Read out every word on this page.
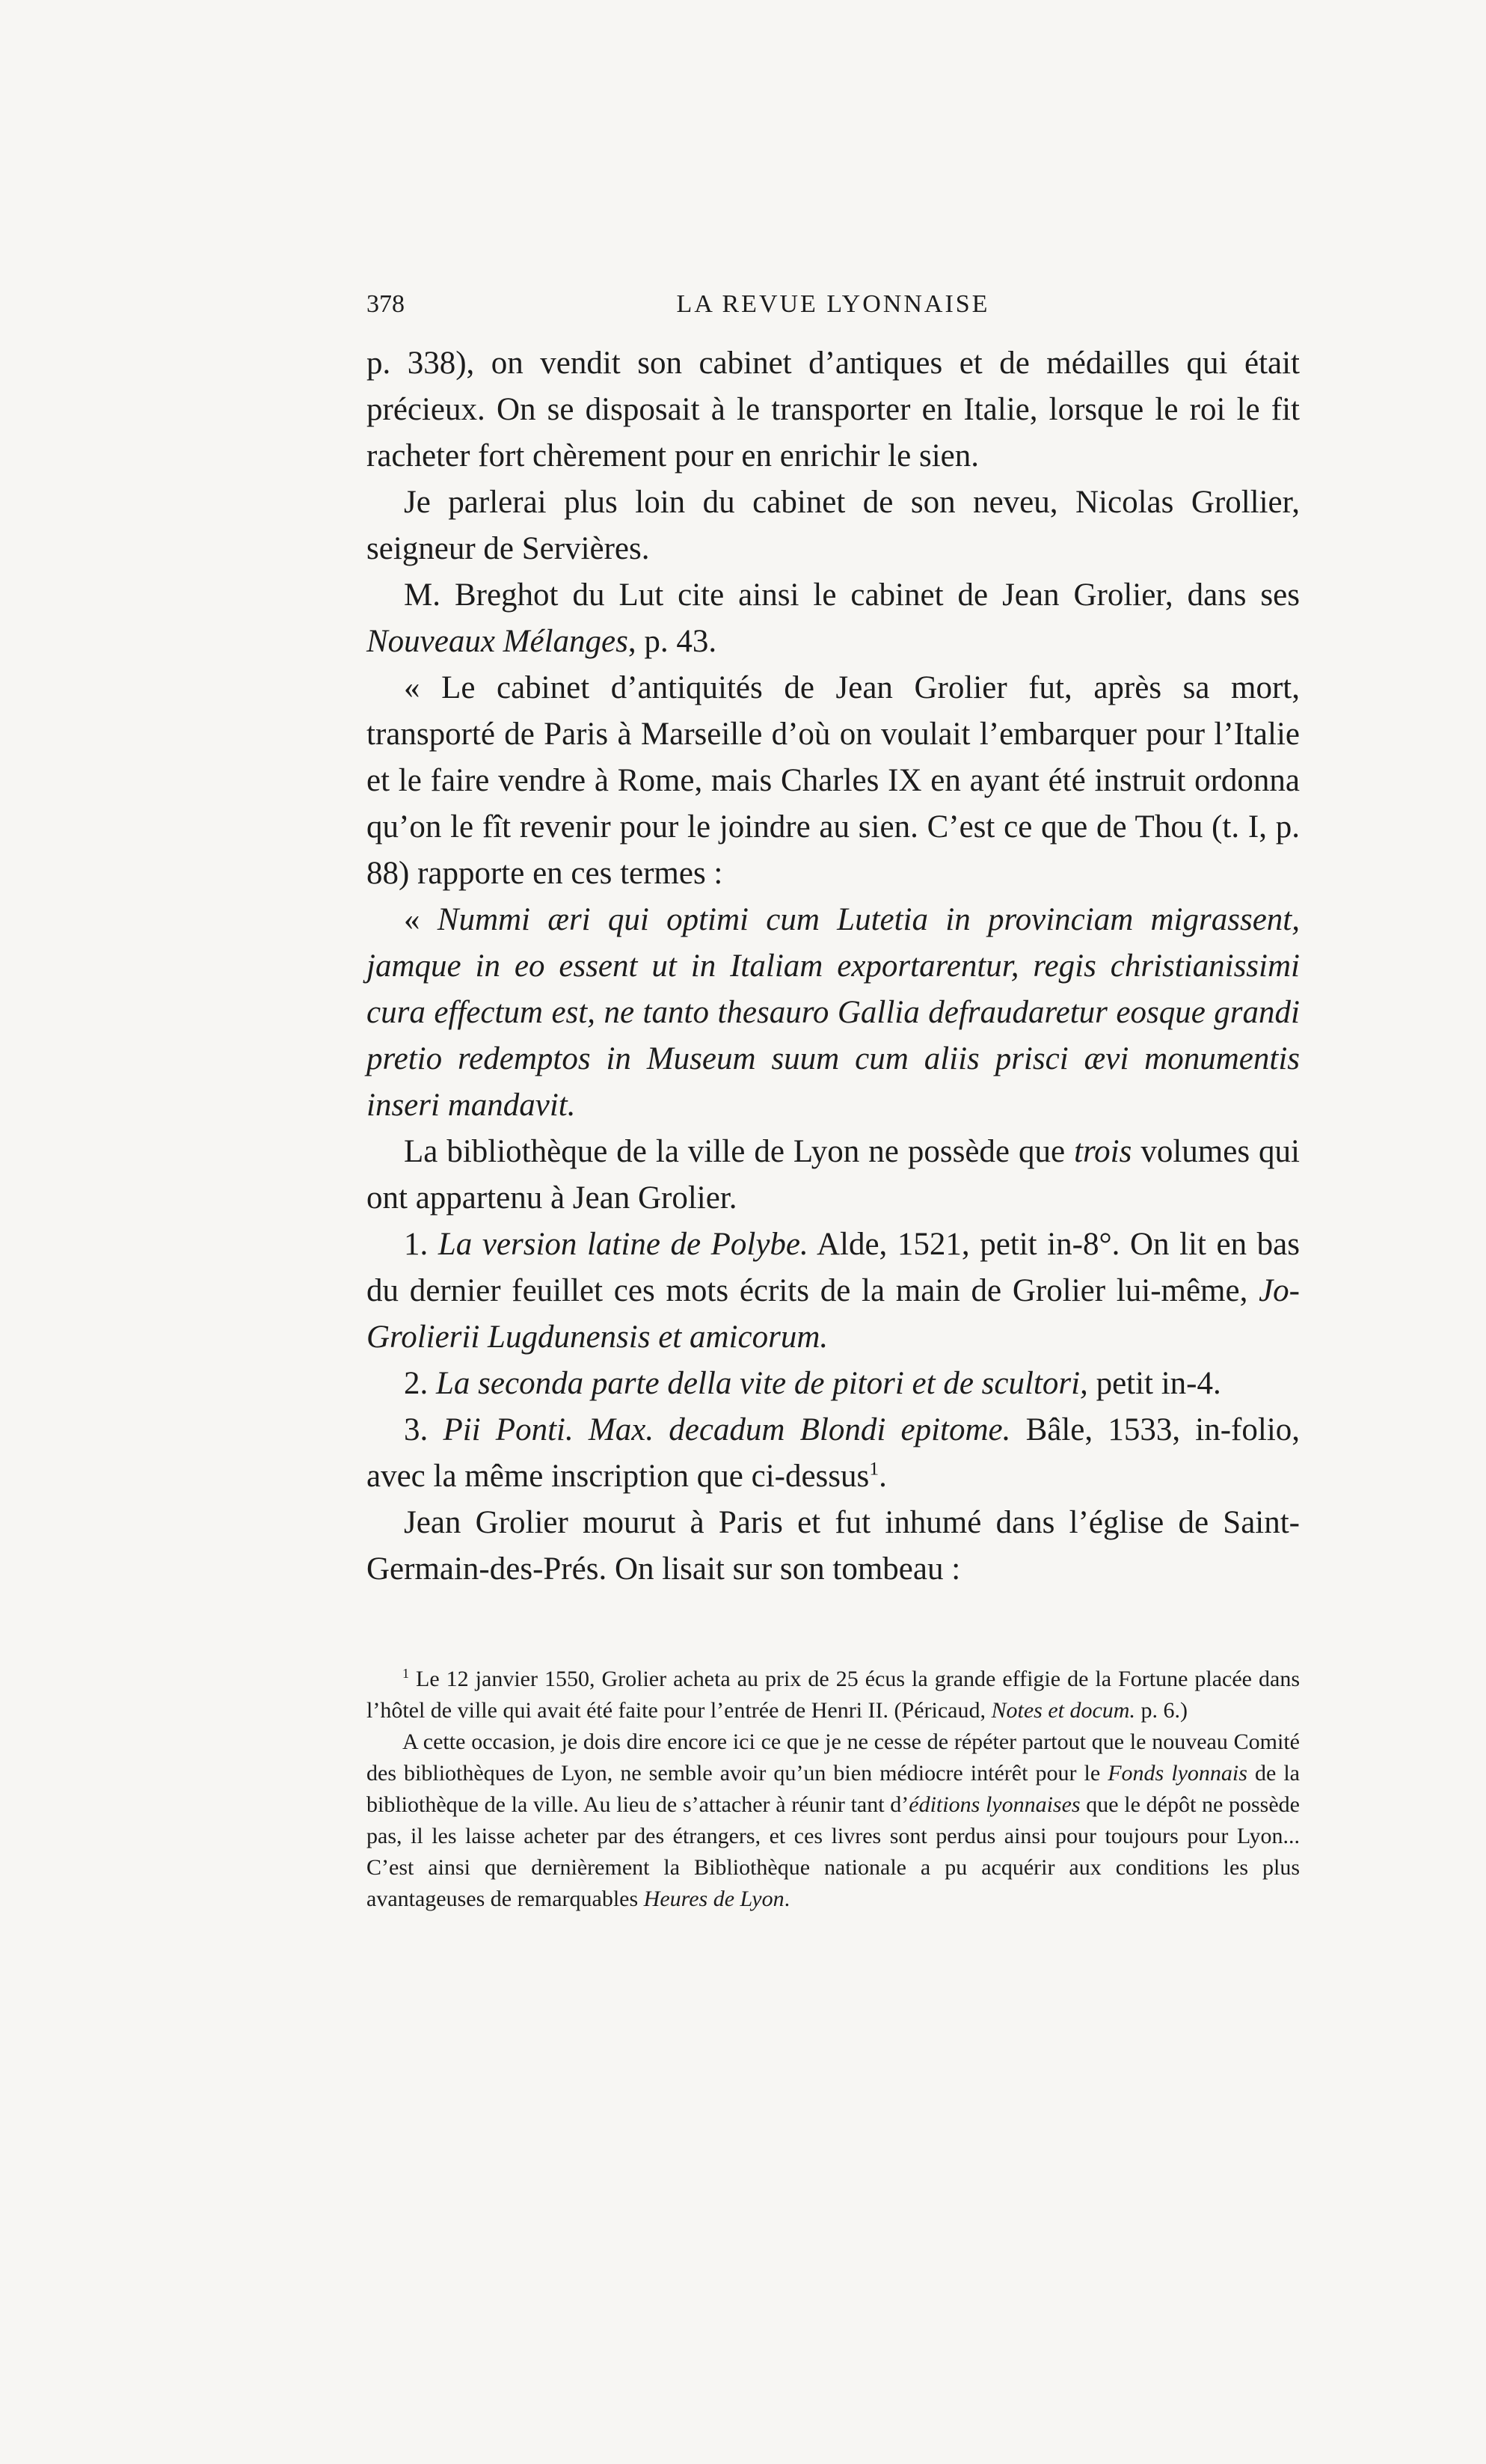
378	LA REVUE LYONNAISE

p. 338), on vendit son cabinet d’antiques et de médailles qui était précieux. On se disposait à le transporter en Italie, lorsque le roi le fit racheter fort chèrement pour en enrichir le sien.

Je parlerai plus loin du cabinet de son neveu, Nicolas Grollier, seigneur de Servières.

M. Breghot du Lut cite ainsi le cabinet de Jean Grolier, dans ses Nouveaux Mélanges, p. 43.

« Le cabinet d’antiquités de Jean Grolier fut, après sa mort, transporté de Paris à Marseille d’où on voulait l’embarquer pour l’Italie et le faire vendre à Rome, mais Charles IX en ayant été instruit ordonna qu’on le fît revenir pour le joindre au sien. C’est ce que de Thou (t. I, p. 88) rapporte en ces termes :

« Nummi æri qui optimi cum Lutetia in provinciam migrassent, jamque in eo essent ut in Italiam exportarentur, regis christianissimi cura effectum est, ne tanto thesauro Gallia defraudaretur eosque grandi pretio redemptos in Museum suum cum aliis prisci ævi monumentis inseri mandavit.

La bibliothèque de la ville de Lyon ne possède que trois volumes qui ont appartenu à Jean Grolier.

1. La version latine de Polybe. Alde, 1521, petit in-8°. On lit en bas du dernier feuillet ces mots écrits de la main de Grolier lui-même, Jo-Grolierii Lugdunensis et amicorum.

2. La seconda parte della vite de pitori et de scultori, petit in-4.

3. Pii Ponti. Max. decadum Blondi epitome. Bâle, 1533, in-folio, avec la même inscription que ci-dessus$^1$.

Jean Grolier mourut à Paris et fut inhumé dans l’église de Saint-Germain-des-Prés. On lisait sur son tombeau :

$^1$ Le 12 janvier 1550, Grolier acheta au prix de 25 écus la grande effigie de la Fortune placée dans l’hôtel de ville qui avait été faite pour l’entrée de Henri II. (Péricaud, Notes et docum. p. 6.)

A cette occasion, je dois dire encore ici ce que je ne cesse de répéter partout que le nouveau Comité des bibliothèques de Lyon, ne semble avoir qu’un bien médiocre intérêt pour le Fonds lyonnais de la bibliothèque de la ville. Au lieu de s’attacher à réunir tant d’éditions lyonnaises que le dépôt ne possède pas, il les laisse acheter par des étrangers, et ces livres sont perdus ainsi pour toujours pour Lyon... C’est ainsi que dernièrement la Bibliothèque nationale a pu acquérir aux conditions les plus avantageuses de remarquables Heures de Lyon.
